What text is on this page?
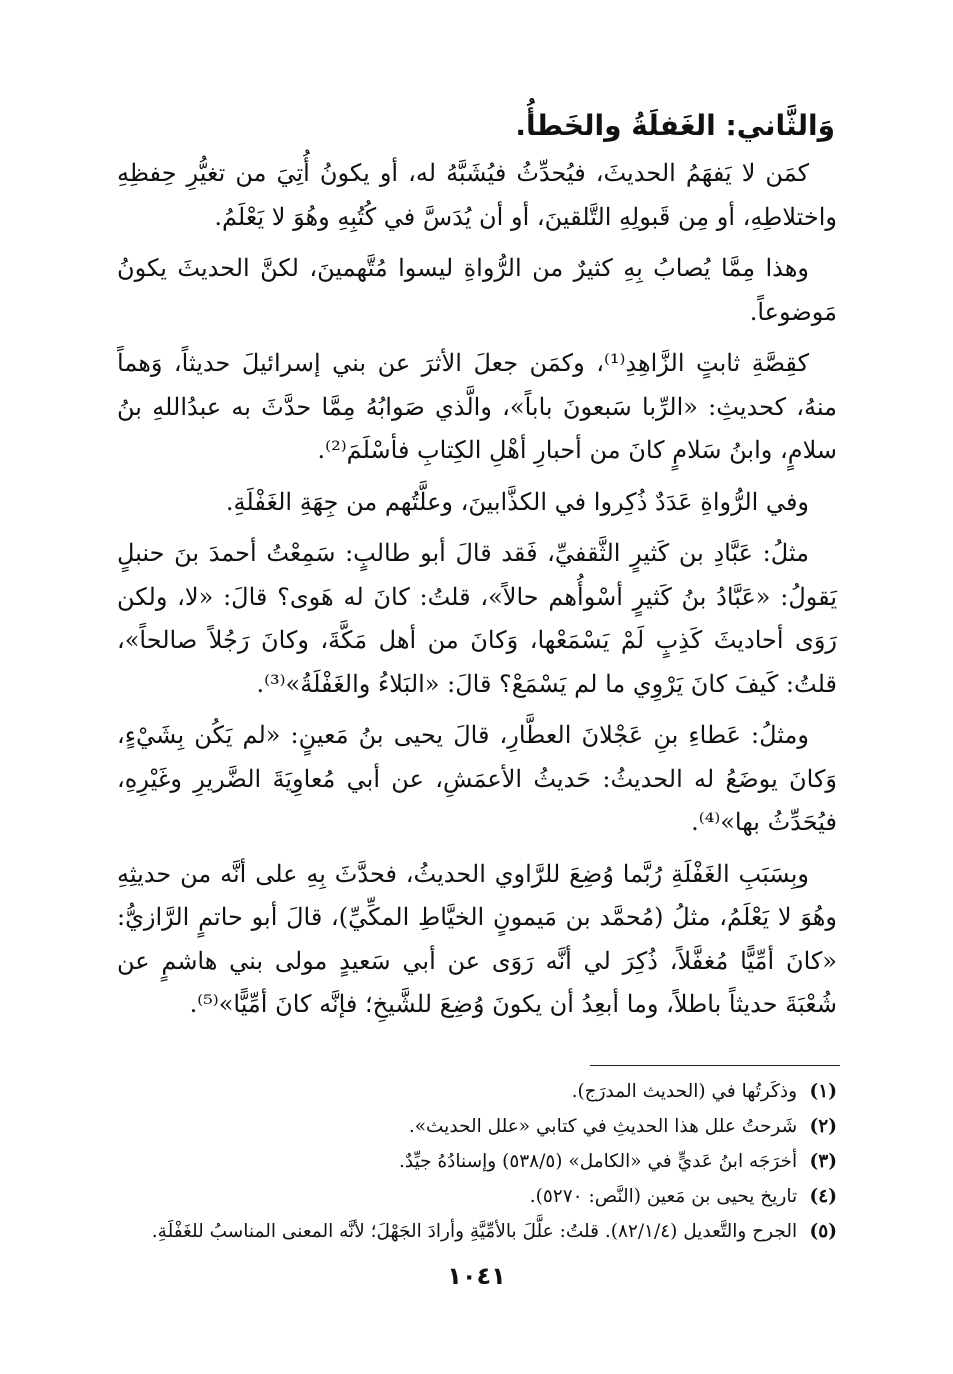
وَالثَّاني: الغَفلَةُ والخَطأُ.

كمَن لا يَفهَمُ الحديثَ، فيُحدِّثُ فيُشَبَّهُ له، أو يكونُ أُتِيَ من تغيُّرِ حِفظِهِ واختلاطِهِ، أو مِن قَبولِهِ التَّلقينَ، أو أن يُدَسَّ في كُتُبِهِ وهُوَ لا يَعْلَمُ.

وهذا مِمَّا يُصابُ بِهِ كثيرٌ من الرُّواةِ ليسوا مُتَّهمينَ، لكنَّ الحديثَ يكونُ مَوضوعاً.

كقِصَّةِ ثابتٍ الزَّاهِدِ⁽¹⁾، وكمَن جعلَ الأثرَ عن بني إسرائيلَ حديثاً، وَهماً منهُ، كحديثِ: «الرِّبا سَبعونَ باباً»، والَّذي صَوابُهُ مِمَّا حدَّثَ به عبدُاللهِ بنُ سلامٍ، وابنُ سَلامٍ كانَ من أحبارِ أهْلِ الكِتابِ فأسْلَمَ⁽²⁾.

وفي الرُّواةِ عَدَدٌ ذُكِروا في الكذَّابينَ، وعلَّتُهم من جِهَةِ الغَفْلَةِ.

مثلُ: عَبَّادِ بن كَثيرٍ الثَّقفيِّ، فَقد قالَ أبو طالبٍ: سَمِعْتُ أحمدَ بنَ حنبلٍ يَقولُ: «عَبَّادُ بنُ كَثيرٍ أسْوأُهم حالاً»، قلتُ: كانَ له هَوى؟ قالَ: «لا، ولكن رَوَى أحاديثَ كَذِبٍ لَمْ يَسْمَعْها، وَكانَ من أهل مَكَّةَ، وكانَ رَجُلاً صالحاً»، قلتُ: كَيفَ كانَ يَرْوِي ما لم يَسْمَعْ؟ قالَ: «البَلاءُ والغَفْلَةُ»⁽³⁾.

ومثلُ: عَطاءِ بنِ عَجْلانَ العطَّارِ، قالَ يحيى بنُ مَعينٍ: «لم يَكُن بِشَيْءٍ، وَكانَ يوضَعُ له الحديثُ: حَديثُ الأعمَشِ، عن أبي مُعاوِيَةَ الضَّريرِ وغَيْرِهِ، فيُحَدِّثُ بها»⁽⁴⁾.

وبِسَبَبِ الغَفْلَةِ رُبَّما وُضِعَ للرَّاوي الحديثُ، فحدَّثَ بِهِ على أنَّه من حديثِهِ وهُوَ لا يَعْلَمُ، مثلُ (مُحمَّد بن مَيمونٍ الخيَّاطِ المكِّيِّ)، قالَ أبو حاتمٍ الرَّازيُّ: «كانَ أمِّيًّا مُغفَّلاً، ذُكِرَ لي أنَّه رَوَى عن أبي سَعيدٍ مولى بني هاشمٍ عن شُعْبَةَ حديثاً باطلاً، وما أبعِدُ أن يكونَ وُضِعَ للشَّيخِ؛ فإنَّه كانَ أمِّيًّا»⁽⁵⁾.

(١) وذكَرتُها في (الحديث المدرَج).

(٢) شَرحتُ علل هذا الحديثِ في كتابي «علل الحديث».

(٣) أخرَجَه ابنُ عَديٍّ في «الكامل» (٥٣٨/٥) وإسنادُهُ جيِّدٌ.

(٤) تاريخ يحيى بن مَعين (النَّص: ٥٢٧٠).

(٥) الجرح والتَّعديل (٨٢/١/٤). قلتُ: علَّلَ بالأمِّيَّةِ وأرادَ الجَهْلَ؛ لأنَّه المعنى المناسبُ للغَفْلَةِ.

١٠٤١
